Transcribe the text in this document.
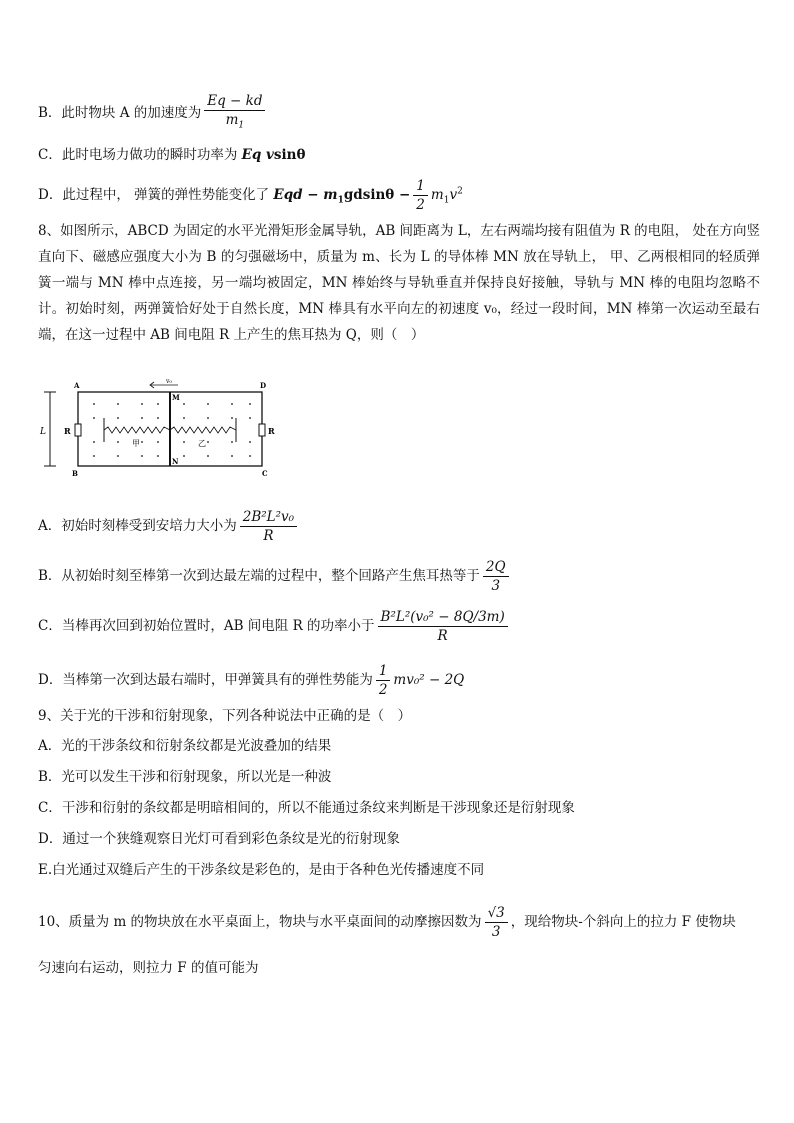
B．此时物块 A 的加速度为 $\frac{Eq - kd}{m_1}$
C．此时电场力做功的瞬时功率为 Eq vsinθ
D．此过程中， 弹簧的弹性势能变化了 Eqd − $m_1gdsin\theta - \frac{1}{2} m_1v^2$
8、如图所示，ABCD 为固定的水平光滑矩形金属导轨，AB 间距离为 L，左右两端均接有阻值为 R 的电阻， 处在方向竖直向下、磁感应强度大小为 B 的匀强磁场中，质量为 m、长为 L 的导体棒 MN 放在导轨上， 甲、乙两根相同的轻质弹簧一端与 MN 棒中点连接，另一端均被固定，MN 棒始终与导轨垂直并保持良好接触，导轨与 MN 棒的电阻均忽略不计。初始时刻，两弹簧恰好处于自然长度，MN 棒具有水平向左的初速度 v₀，经过一段时间，MN 棒第一次运动至最右端，在这一过程中 AB 间电阻 R 上产生的焦耳热为 Q，则（　）
L R	R
甲	乙
v₀
A	D
B	C
M
N
A．初始时刻棒受到安培力大小为 $\frac{\text{2B²L²v₀}}{R}$
B．从初始时刻至棒第一次到达最左端的过程中，整个回路产生焦耳热等于 $\frac{2Q}{3}$
C．当棒再次回到初始位置时，AB 间电阻 R 的功率小于 $\frac{\text{B²L²(v₀² − 8Q/3m)}}{R}$
D．当棒第一次到达最右端时，甲弹簧具有的弹性势能为 $\frac{1}{2} mv_0^2 - 2Q$
9、关于光的干涉和衍射现象，下列各种说法中正确的是（　）
A．光的干涉条纹和衍射条纹都是光波叠加的结果
B．光可以发生干涉和衍射现象，所以光是一种波
C．干涉和衍射的条纹都是明暗相间的，所以不能通过条纹来判断是干涉现象还是衍射现象
D．通过一个狭缝观察日光灯可看到彩色条纹是光的衍射现象
E.白光通过双缝后产生的干涉条纹是彩色的，是由于各种色光传播速度不同
10、质量为 m 的物块放在水平桌面上，物块与水平桌面间的动摩擦因数为 $\frac{√3}{3}$ ，现给物块-个斜向上的拉力 F 使物块
匀速向右运动，则拉力 F 的值可能为
